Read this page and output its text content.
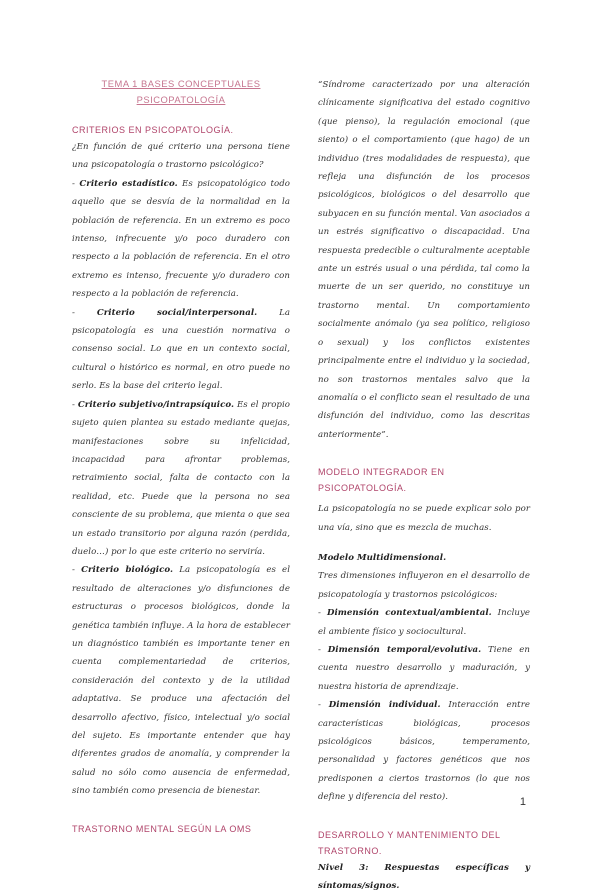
TEMA 1 BASES CONCEPTUALES PSICOPATOLOGÍA
CRITERIOS EN PSICOPATOLOGÍA.

¿En función de qué criterio una persona tiene una psicopatología o trastorno psicológico?

- Criterio estadístico. Es psicopatológico todo aquello que se desvía de la normalidad en la población de referencia. En un extremo es poco intenso, infrecuente y/o poco duradero con respecto a la población de referencia. En el otro extremo es intenso, frecuente y/o duradero con respecto a la población de referencia.

- Criterio social/interpersonal. La psicopatología es una cuestión normativa o consenso social. Lo que en un contexto social, cultural o histórico es normal, en otro puede no serlo. Es la base del criterio legal.

- Criterio subjetivo/intrapsíquico. Es el propio sujeto quien plantea su estado mediante quejas, manifestaciones sobre su infelicidad, incapacidad para afrontar problemas, retraimiento social, falta de contacto con la realidad, etc. Puede que la persona no sea consciente de su problema, que mienta o que sea un estado transitorio por alguna razón (perdida, duelo…) por lo que este criterio no serviría.

- Criterio biológico. La psicopatología es el resultado de alteraciones y/o disfunciones de estructuras o procesos biológicos, donde la genética también influye. A la hora de establecer un diagnóstico también es importante tener en cuenta complementariedad de criterios, consideración del contexto y de la utilidad adaptativa. Se produce una afectación del desarrollo afectivo, físico, intelectual y/o social del sujeto. Es importante entender que hay diferentes grados de anomalía, y comprender la salud no sólo como ausencia de enfermedad, sino también como presencia de bienestar.

TRASTORNO MENTAL SEGÚN LA OMS

“Síndrome caracterizado por una alteración clínicamente significativa del estado cognitivo (que pienso), la regulación emocional (que siento) o el comportamiento (que hago) de un individuo (tres modalidades de respuesta), que refleja una disfunción de los procesos psicológicos, biológicos o del desarrollo que subyacen en su función mental. Van asociados a un estrés significativo o discapacidad. Una respuesta predecible o culturalmente aceptable ante un estrés usual o una pérdida, tal como la muerte de un ser querido, no constituye un trastorno mental. Un comportamiento socialmente anómalo (ya sea político, religioso o sexual) y los conflictos existentes principalmente entre el individuo y la sociedad, no son trastornos mentales salvo que la anomalía o el conflicto sean el resultado de una disfunción del individuo, como las descritas anteriormente”.

MODELO INTEGRADOR EN PSICOPATOLOGÍA.

La psicopatología no se puede explicar solo por una vía, sino que es mezcla de muchas.

Modelo Multidimensional.

Tres dimensiones influyeron en el desarrollo de psicopatología y trastornos psicológicos:

- Dimensión contextual/ambiental. Incluye el ambiente físico y sociocultural.

- Dimensión temporal/evolutiva. Tiene en cuenta nuestro desarrollo y maduración, y nuestra historia de aprendizaje.

- Dimensión individual. Interacción entre características biológicas, procesos psicológicos básicos, temperamento, personalidad y factores genéticos que nos predisponen a ciertos trastornos (lo que nos define y diferencia del resto).

DESARROLLO Y MANTENIMIENTO DEL TRASTORNO.

Nivel 3: Respuestas específicas y síntomas/signos.

1
